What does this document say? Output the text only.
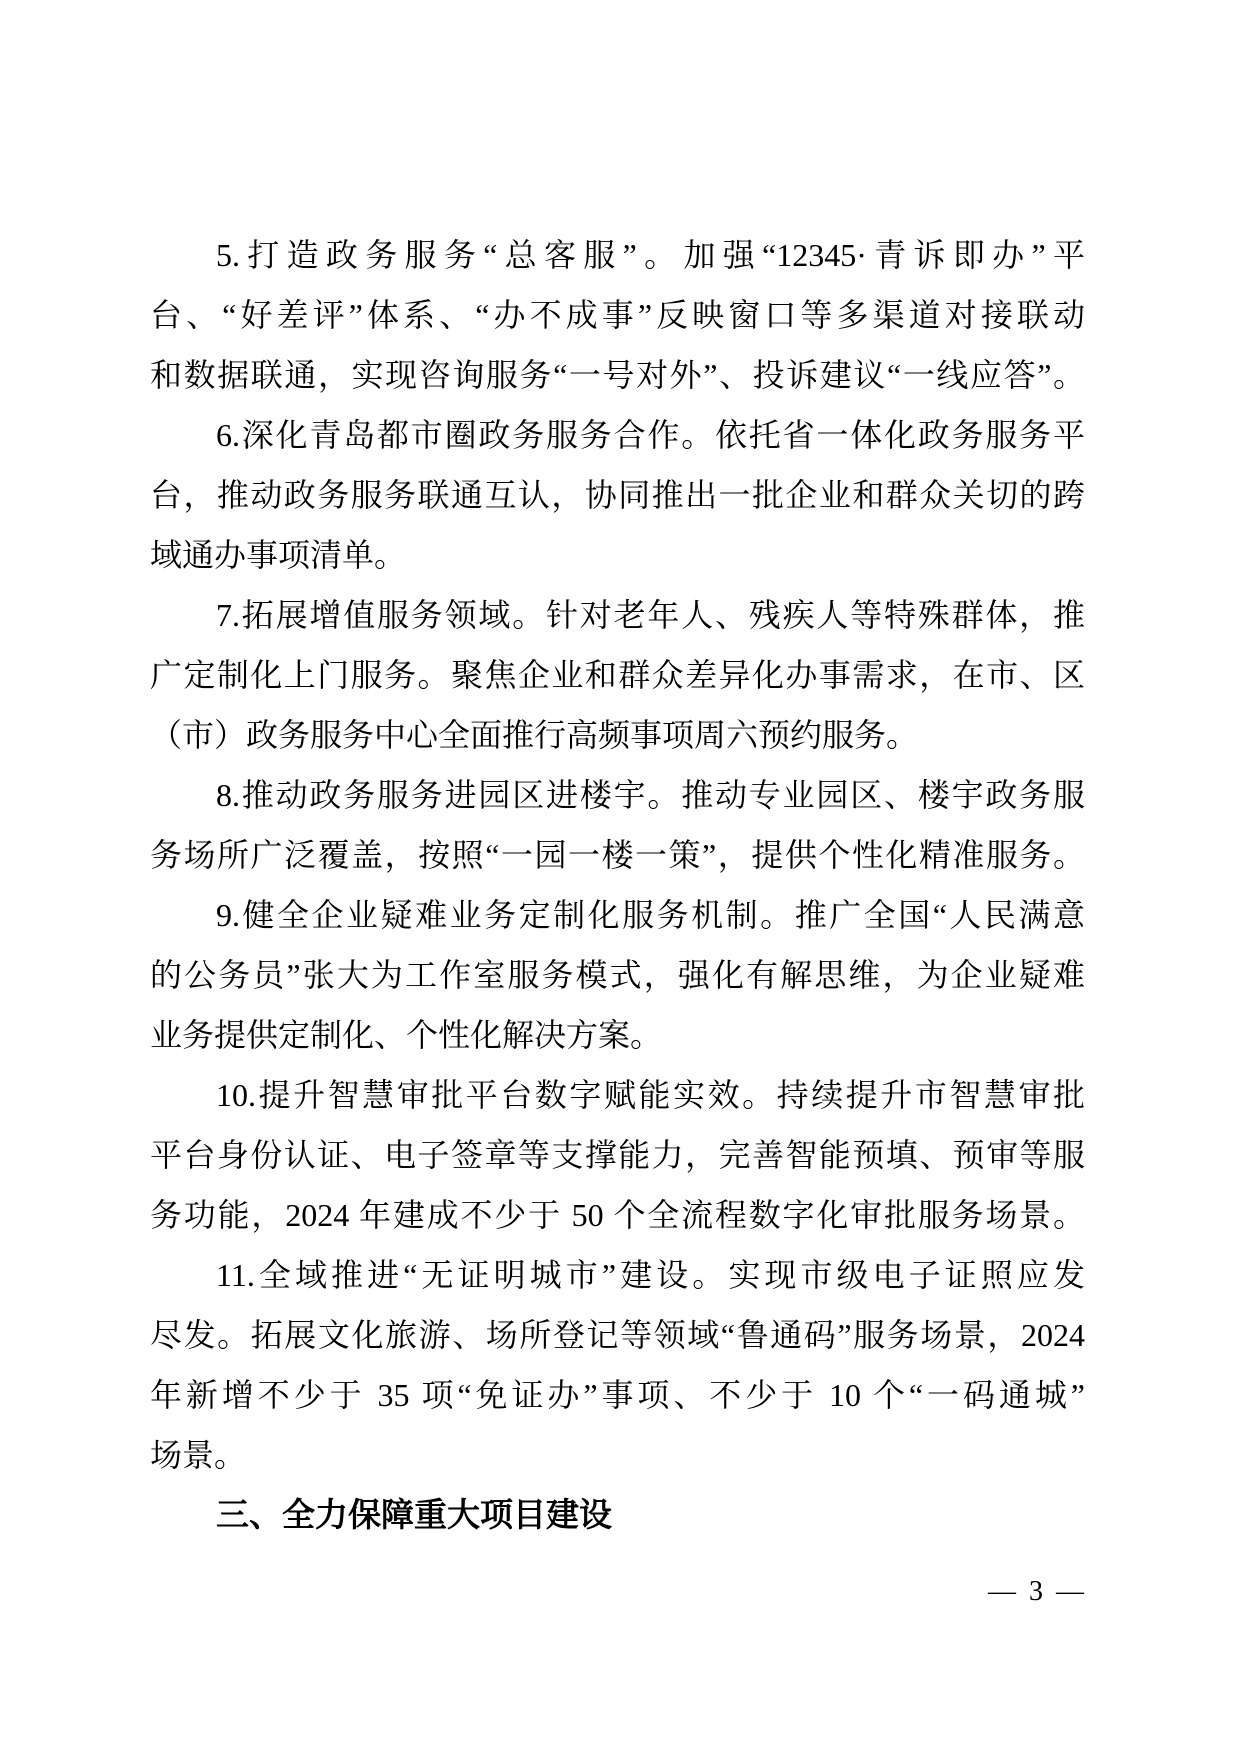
5.打造政务服务“总客服”。加强“12345·青诉即办”平
台、“好差评”体系、“办不成事”反映窗口等多渠道对接联动
和数据联通，实现咨询服务“一号对外”、投诉建议“一线应答”。
6.深化青岛都市圈政务服务合作。依托省一体化政务服务平
台，推动政务服务联通互认，协同推出一批企业和群众关切的跨
域通办事项清单。
7.拓展增值服务领域。针对老年人、残疾人等特殊群体，推
广定制化上门服务。聚焦企业和群众差异化办事需求，在市、区
（市）政务服务中心全面推行高频事项周六预约服务。
8.推动政务服务进园区进楼宇。推动专业园区、楼宇政务服
务场所广泛覆盖，按照“一园一楼一策”，提供个性化精准服务。
9.健全企业疑难业务定制化服务机制。推广全国“人民满意
的公务员”张大为工作室服务模式，强化有解思维，为企业疑难
业务提供定制化、个性化解决方案。
10.提升智慧审批平台数字赋能实效。持续提升市智慧审批
平台身份认证、电子签章等支撑能力，完善智能预填、预审等服
务功能，2024 年建成不少于 50 个全流程数字化审批服务场景。
11.全域推进“无证明城市”建设。实现市级电子证照应发
尽发。拓展文化旅游、场所登记等领域“鲁通码”服务场景，2024
年新增不少于 35 项“免证办”事项、不少于 10 个“一码通城”
场景。
三、全力保障重大项目建设
— 3 —
